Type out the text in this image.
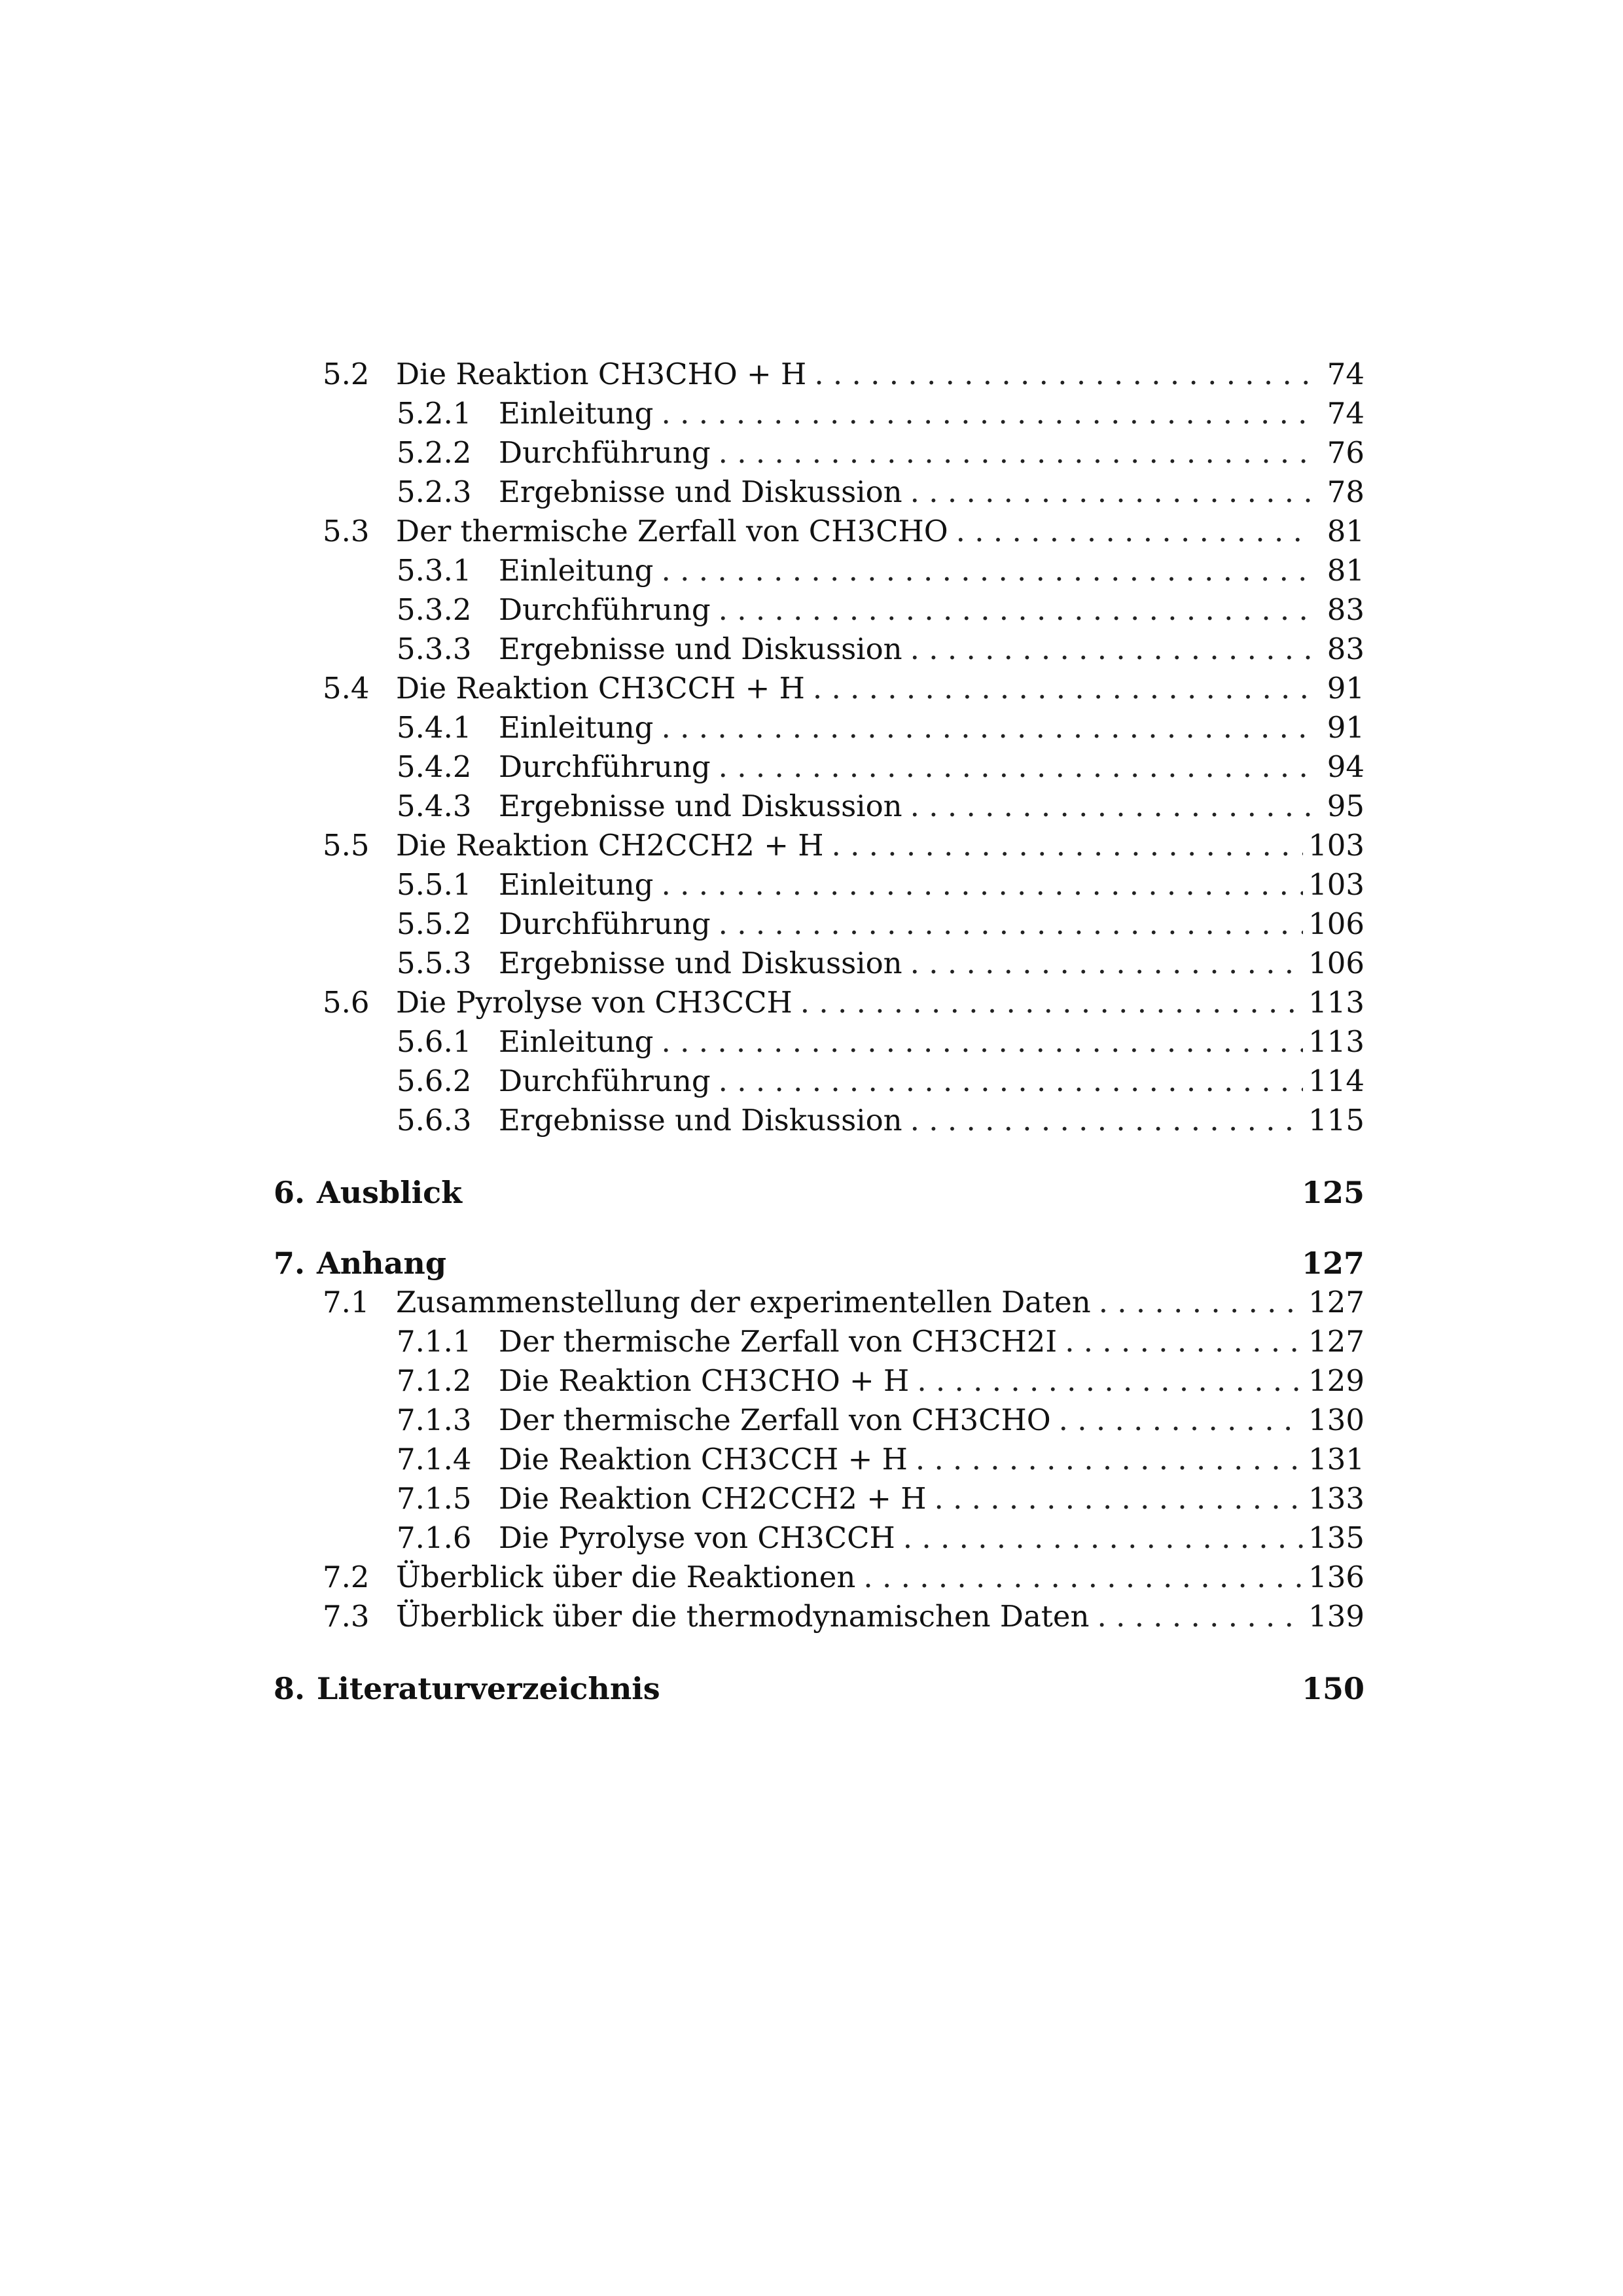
5.2 Die Reaktion CH3CHO + H . . .	74
5.2.1 Einleitung . . .	74
5.2.2 Durchführung . . .	76
5.2.3 Ergebnisse und Diskussion . . .	78
5.3 Der thermische Zerfall von CH3CHO . . .	81
5.3.1 Einleitung . . .	81
5.3.2 Durchführung . . .	83
5.3.3 Ergebnisse und Diskussion . . .	83
5.4 Die Reaktion CH3CCH + H . . .	91
5.4.1 Einleitung . . .	91
5.4.2 Durchführung . . .	94
5.4.3 Ergebnisse und Diskussion . . .	95
5.5 Die Reaktion CH2CCH2 + H . . .	103
5.5.1 Einleitung . . .	103
5.5.2 Durchführung . . .	106
5.5.3 Ergebnisse und Diskussion . . .	106
5.6 Die Pyrolyse von CH3CCH . . .	113
5.6.1 Einleitung . . .	113
5.6.2 Durchführung . . .	114
5.6.3 Ergebnisse und Diskussion . . .	115
6. Ausblick	125
7. Anhang	127
7.1 Zusammenstellung der experimentellen Daten . . .	127
7.1.1 Der thermische Zerfall von CH3CH2I . . .	127
7.1.2 Die Reaktion CH3CHO + H . . .	129
7.1.3 Der thermische Zerfall von CH3CHO . . .	130
7.1.4 Die Reaktion CH3CCH + H . . .	131
7.1.5 Die Reaktion CH2CCH2 + H . . .	133
7.1.6 Die Pyrolyse von CH3CCH . . .	135
7.2 Überblick über die Reaktionen . . .	136
7.3 Überblick über die thermodynamischen Daten . . .	139
8. Literaturverzeichnis	150
